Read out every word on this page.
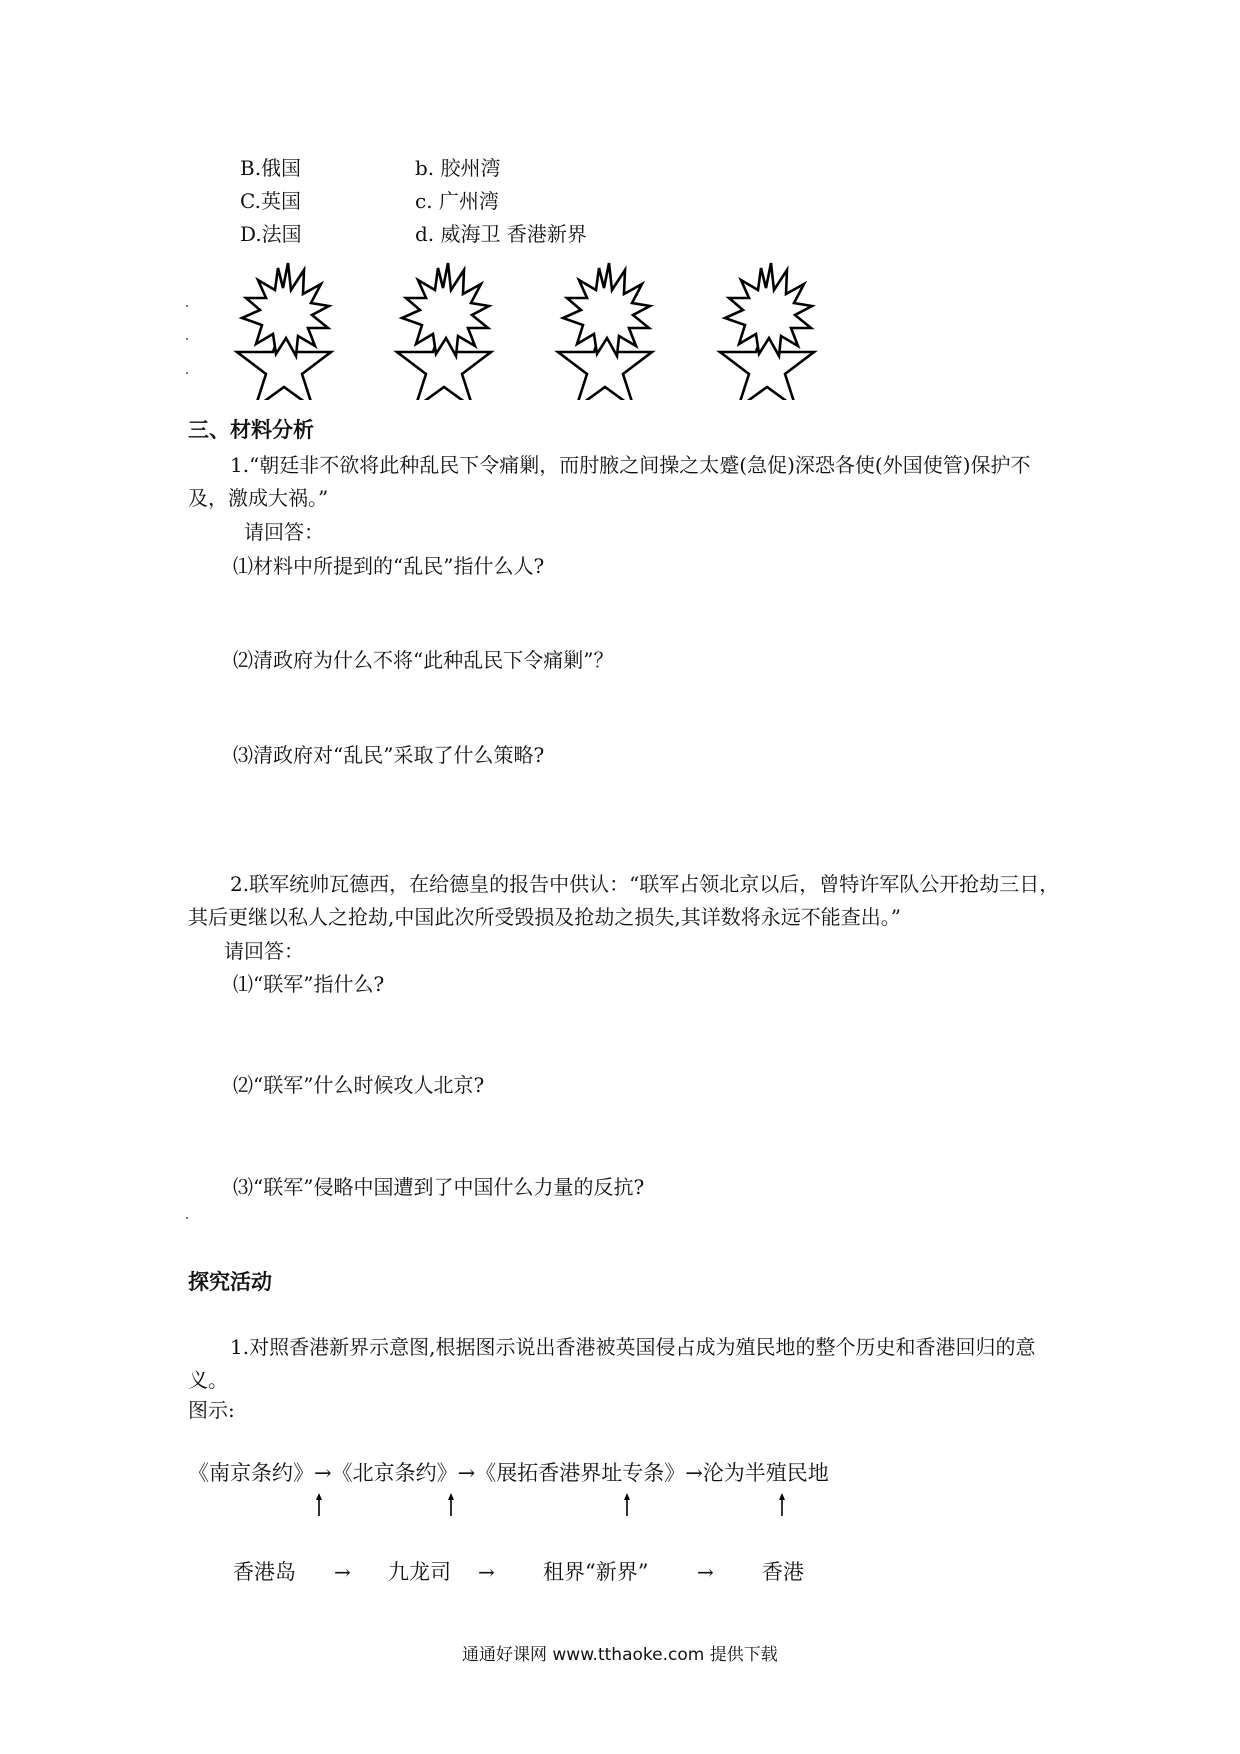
B.俄国
C.英国
D.法国
b. 胶州湾
c. 广州湾
d. 威海卫 香港新界
三、材料分析
1.“朝廷非不欲将此种乱民下令痛剿，而肘腋之间操之太蹙(急促)深恐各使(外国使管)保护不及，激成大祸。”
请回答：
⑴材料中所提到的“乱民”指什么人?
⑵清政府为什么不将“此种乱民下令痛剿”？
⑶清政府对“乱民”采取了什么策略?
2.联军统帅瓦德西，在给德皇的报告中供认：“联军占领北京以后，曾特许军队公开抢劫三日，其后更继以私人之抢劫,中国此次所受毁损及抢劫之损失,其详数将永远不能查出。”
请回答：
⑴“联军”指什么?
⑵“联军”什么时候攻人北京?
⑶“联军”侵略中国遭到了中国什么力量的反抗?
探究活动
1.对照香港新界示意图,根据图示说出香港被英国侵占成为殖民地的整个历史和香港回归的意义。
图示:
《南京条约》→《北京条约》→《展拓香港界址专条》→沦为半殖民地
香港岛 → 九龙司 → 租界“新界” → 香港
通通好课网 www.tthaoke.com 提供下载
